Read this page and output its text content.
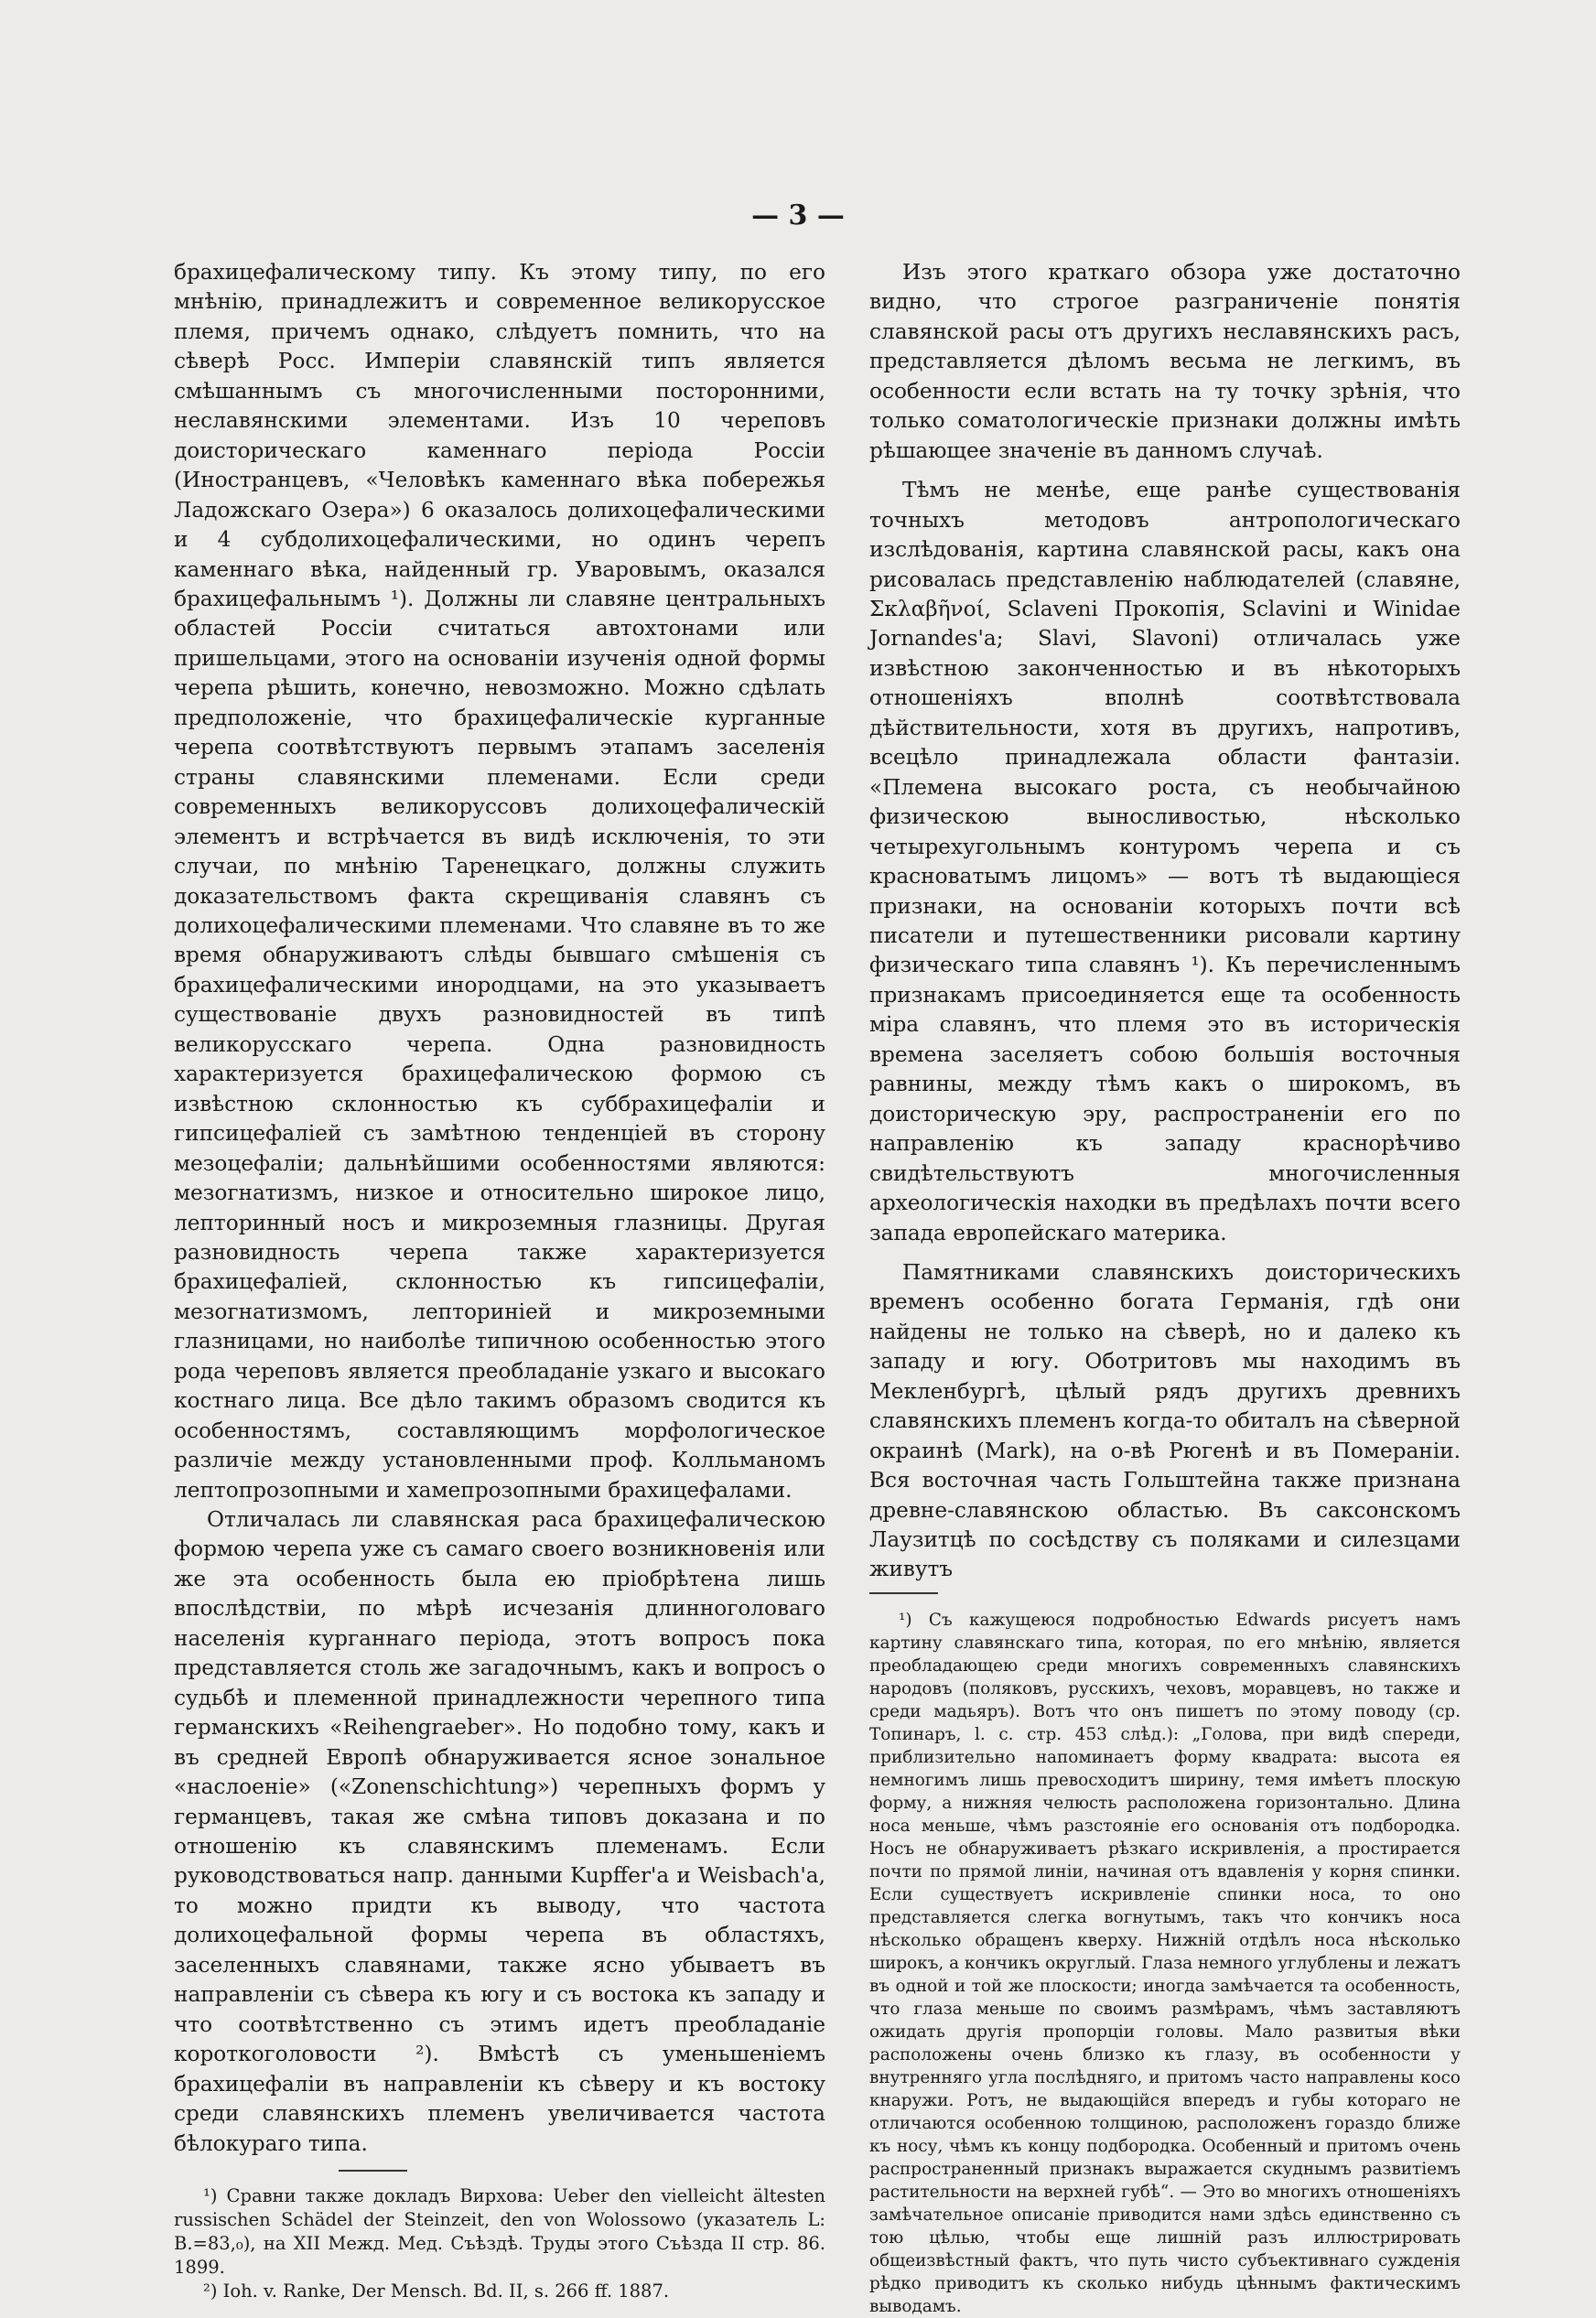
— 3 —

брахицефалическому типу. Къ этому типу, по его мнѣнію, принадлежитъ и современное великорусское племя, причемъ однако, слѣдуетъ помнить, что на сѣверѣ Росс. Имперіи славянскій типъ является смѣшаннымъ съ многочисленными посторонними, неславянскими элементами. Изъ 10 череповъ доисторическаго каменнаго періода Россіи (Иностранцевъ, «Человѣкъ каменнаго вѣка побережья Ладожскаго Озера») 6 оказалось долихоцефалическими и 4 субдолихоцефалическими, но одинъ черепъ каменнаго вѣка, найденный гр. Уваровымъ, оказался брахицефальнымъ ¹). Должны ли славяне центральныхъ областей Россіи считаться автохтонами или пришельцами, этого на основаніи изученія одной формы черепа рѣшить, конечно, невозможно. Можно сдѣлать предположеніе, что брахицефалическіе курганные черепа соотвѣтствуютъ первымъ этапамъ заселенія страны славянскими племенами. Если среди современныхъ великоруссовъ долихоцефалическій элементъ и встрѣчается въ видѣ исключенія, то эти случаи, по мнѣнію Таренецкаго, должны служить доказательствомъ факта скрещиванія славянъ съ долихоцефалическими племенами. Что славяне въ то же время обнаруживаютъ слѣды бывшаго смѣшенія съ брахицефалическими инородцами, на это указываетъ существованіе двухъ разновидностей въ типѣ великорусскаго черепа. Одна разновидность характеризуется брахицефалическою формою съ извѣстною склонностью къ суббрахицефаліи и гипсицефаліей съ замѣтною тенденціей въ сторону мезоцефаліи; дальнѣйшими особенностями являются: мезогнатизмъ, низкое и относительно широкое лицо, лепторинный носъ и микроземныя глазницы. Другая разновидность черепа также характеризуется брахицефаліей, склонностью къ гипсицефаліи, мезогнатизмомъ, лепториніей и микроземными глазницами, но наиболѣе типичною особенностью этого рода череповъ является преобладаніе узкаго и высокаго костнаго лица. Все дѣло такимъ образомъ сводится къ особенностямъ, составляющимъ морфологическое различіе между установленными проф. Колльманомъ лептопрозопными и хамепрозопными брахицефалами.

Отличалась ли славянская раса брахицефалическою формою черепа уже съ самаго своего возникновенія или же эта особенность была ею пріобрѣтена лишь впослѣдствіи, по мѣрѣ исчезанія длинноголоваго населенія курганнаго періода, этотъ вопросъ пока представляется столь же загадочнымъ, какъ и вопросъ о судьбѣ и племенной принадлежности черепного типа германскихъ «Reihengraeber». Но подобно тому, какъ и въ средней Европѣ обнаруживается ясное зональное «наслоеніе» («Zonenschichtung») черепныхъ формъ у германцевъ, такая же смѣна типовъ доказана и по отношенію къ славянскимъ племенамъ. Если руководствоваться напр. данными Kupffer'a и Weisbach'a, то можно придти къ выводу, что частота долихоцефальной формы черепа въ областяхъ, заселенныхъ славянами, также ясно убываетъ въ направленіи съ сѣвера къ югу и съ востока къ западу и что соотвѣтственно съ этимъ идетъ преобладаніе короткоголовости ²). Вмѣстѣ съ уменьшеніемъ брахицефаліи въ направленіи къ сѣверу и къ востоку среди славянскихъ племенъ увеличивается частота бѣлокураго типа.

¹) Сравни также докладъ Вирхова: Ueber den vielleicht ältesten russischen Schädel der Steinzeit, den von Wolossowo (указатель L: B.=83,₀), на XII Межд. Мед. Съѣздѣ. Труды этого Съѣзда II стр. 86. 1899.

²) Ioh. v. Ranke, Der Mensch. Bd. II, s. 266 ff. 1887.

Изъ этого краткаго обзора уже достаточно видно, что строгое разграниченіе понятія славянской расы отъ другихъ неславянскихъ расъ, представляется дѣломъ весьма не легкимъ, въ особенности если встать на ту точку зрѣнія, что только соматологическіе признаки должны имѣть рѣшающее значеніе въ данномъ случаѣ.

Тѣмъ не менѣе, еще ранѣе существованія точныхъ методовъ антропологическаго изслѣдованія, картина славянской расы, какъ она рисовалась представленію наблюдателей (славяне, Σκλαβῆνοί, Sclaveni Прокопія, Sclavini и Winidae Jornandes'a; Slavi, Slavoni) отличалась уже извѣстною законченностью и въ нѣкоторыхъ отношеніяхъ вполнѣ соотвѣтствовала дѣйствительности, хотя въ другихъ, напротивъ, всецѣло принадлежала области фантазіи. «Племена высокаго роста, съ необычайною физическою выносливостью, нѣсколько четырехугольнымъ контуромъ черепа и съ красноватымъ лицомъ» — вотъ тѣ выдающіеся признаки, на основаніи которыхъ почти всѣ писатели и путешественники рисовали картину физическаго типа славянъ ¹). Къ перечисленнымъ признакамъ присоединяется еще та особенность міра славянъ, что племя это въ историческія времена заселяетъ собою большія восточныя равнины, между тѣмъ какъ о широкомъ, въ доисторическую эру, распространеніи его по направленію къ западу краснорѣчиво свидѣтельствуютъ многочисленныя археологическія находки въ предѣлахъ почти всего запада европейскаго материка.

Памятниками славянскихъ доисторическихъ временъ особенно богата Германія, гдѣ они найдены не только на сѣверѣ, но и далеко къ западу и югу. Оботритовъ мы находимъ въ Мекленбургѣ, цѣлый рядъ другихъ древнихъ славянскихъ племенъ когда-то обиталъ на сѣверной окраинѣ (Mark), на о-вѣ Рюгенѣ и въ Помераніи. Вся восточная часть Гольштейна также признана древне-славянскою областью. Въ саксонскомъ Лаузитцѣ по сосѣдству съ поляками и силезцами живутъ

¹) Съ кажущеюся подробностью Edwards рисуетъ намъ картину славянскаго типа, которая, по его мнѣнію, является преобладающею среди многихъ современныхъ славянскихъ народовъ (поляковъ, русскихъ, чеховъ, моравцевъ, но также и среди мадьяръ). Вотъ что онъ пишетъ по этому поводу (ср. Топинаръ, l. c. стр. 453 слѣд.): „Голова, при видѣ спереди, приблизительно напоминаетъ форму квадрата: высота ея немногимъ лишь превосходитъ ширину, темя имѣетъ плоскую форму, а нижняя челюсть расположена горизонтально. Длина носа меньше, чѣмъ разстояніе его основанія отъ подбородка. Носъ не обнаруживаетъ рѣзкаго искривленія, а простирается почти по прямой линіи, начиная отъ вдавленія у корня спинки. Если существуетъ искривленіе спинки носа, то оно представляется слегка вогнутымъ, такъ что кончикъ носа нѣсколько обращенъ кверху. Нижній отдѣлъ носа нѣсколько широкъ, а кончикъ округлый. Глаза немного углублены и лежатъ въ одной и той же плоскости; иногда замѣчается та особенность, что глаза меньше по своимъ размѣрамъ, чѣмъ заставляютъ ожидать другія пропорціи головы. Мало развитыя вѣки расположены очень близко къ глазу, въ особенности у внутренняго угла послѣдняго, и притомъ часто направлены косо кнаружи. Ротъ, не выдающійся впередъ и губы котораго не отличаются особенною толщиною, расположенъ гораздо ближе къ носу, чѣмъ къ концу подбородка. Особенный и притомъ очень распространенный признакъ выражается скуднымъ развитіемъ растительности на верхней губѣ“. — Это во многихъ отношеніяхъ замѣчательное описаніе приводится нами здѣсь единственно съ тою цѣлью, чтобы еще лишній разъ иллюстрировать общеизвѣстный фактъ, что путь чисто субъективнаго сужденія рѣдко приводитъ къ сколько нибудь цѣннымъ фактическимъ выводамъ.
